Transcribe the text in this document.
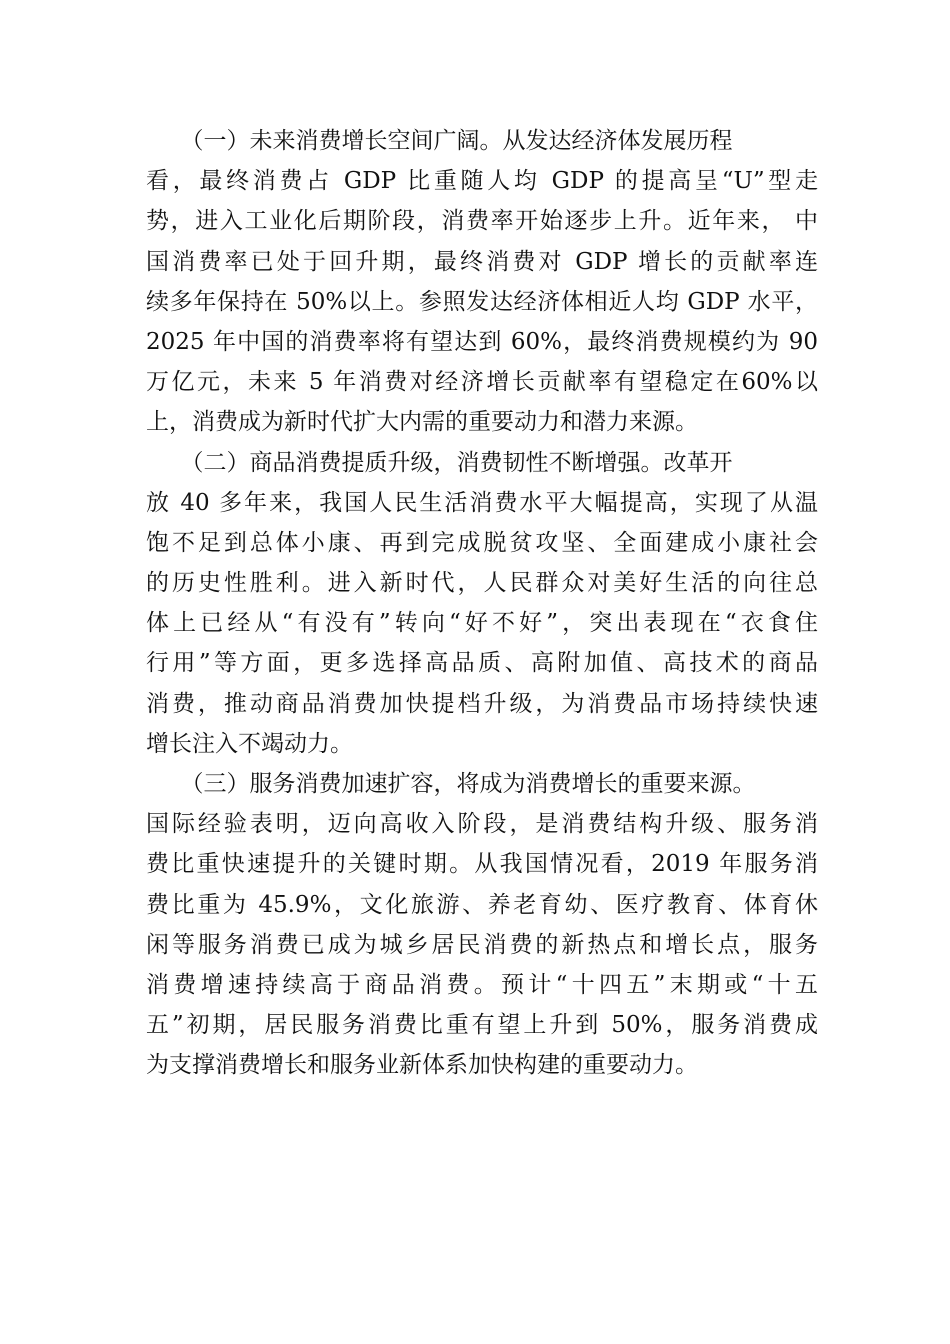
　　（一）未来消费增长空间广阔。从发达经济体发展历程
看，最终消费占 GDP 比重随人均 GDP 的提高呈“U”型走
势，进入工业化后期阶段，消费率开始逐步上升。近年来， 中
国消费率已处于回升期，最终消费对 GDP 增长的贡献率连
续多年保持在 50%以上。参照发达经济体相近人均 GDP 水平，
2025 年中国的消费率将有望达到 60%，最终消费规模约为 90
万亿元，未来 5 年消费对经济增长贡献率有望稳定在60%以
上，消费成为新时代扩大内需的重要动力和潜力来源。
　　（二）商品消费提质升级，消费韧性不断增强。改革开
放 40 多年来，我国人民生活消费水平大幅提高，实现了从温
饱不足到总体小康、再到完成脱贫攻坚、全面建成小康社会
的历史性胜利。进入新时代，人民群众对美好生活的向往总
体上已经从“有没有”转向“好不好”，突出表现在“衣食住
行用”等方面，更多选择高品质、高附加值、高技术的商品
消费，推动商品消费加快提档升级，为消费品市场持续快速
增长注入不竭动力。
　　（三）服务消费加速扩容，将成为消费增长的重要来源。
国际经验表明，迈向高收入阶段，是消费结构升级、服务消
费比重快速提升的关键时期。从我国情况看，2019 年服务消
费比重为 45.9%，文化旅游、养老育幼、医疗教育、体育休
闲等服务消费已成为城乡居民消费的新热点和增长点，服务
消费增速持续高于商品消费。预计“十四五”末期或“十五
五”初期，居民服务消费比重有望上升到 50%，服务消费成
为支撑消费增长和服务业新体系加快构建的重要动力。
